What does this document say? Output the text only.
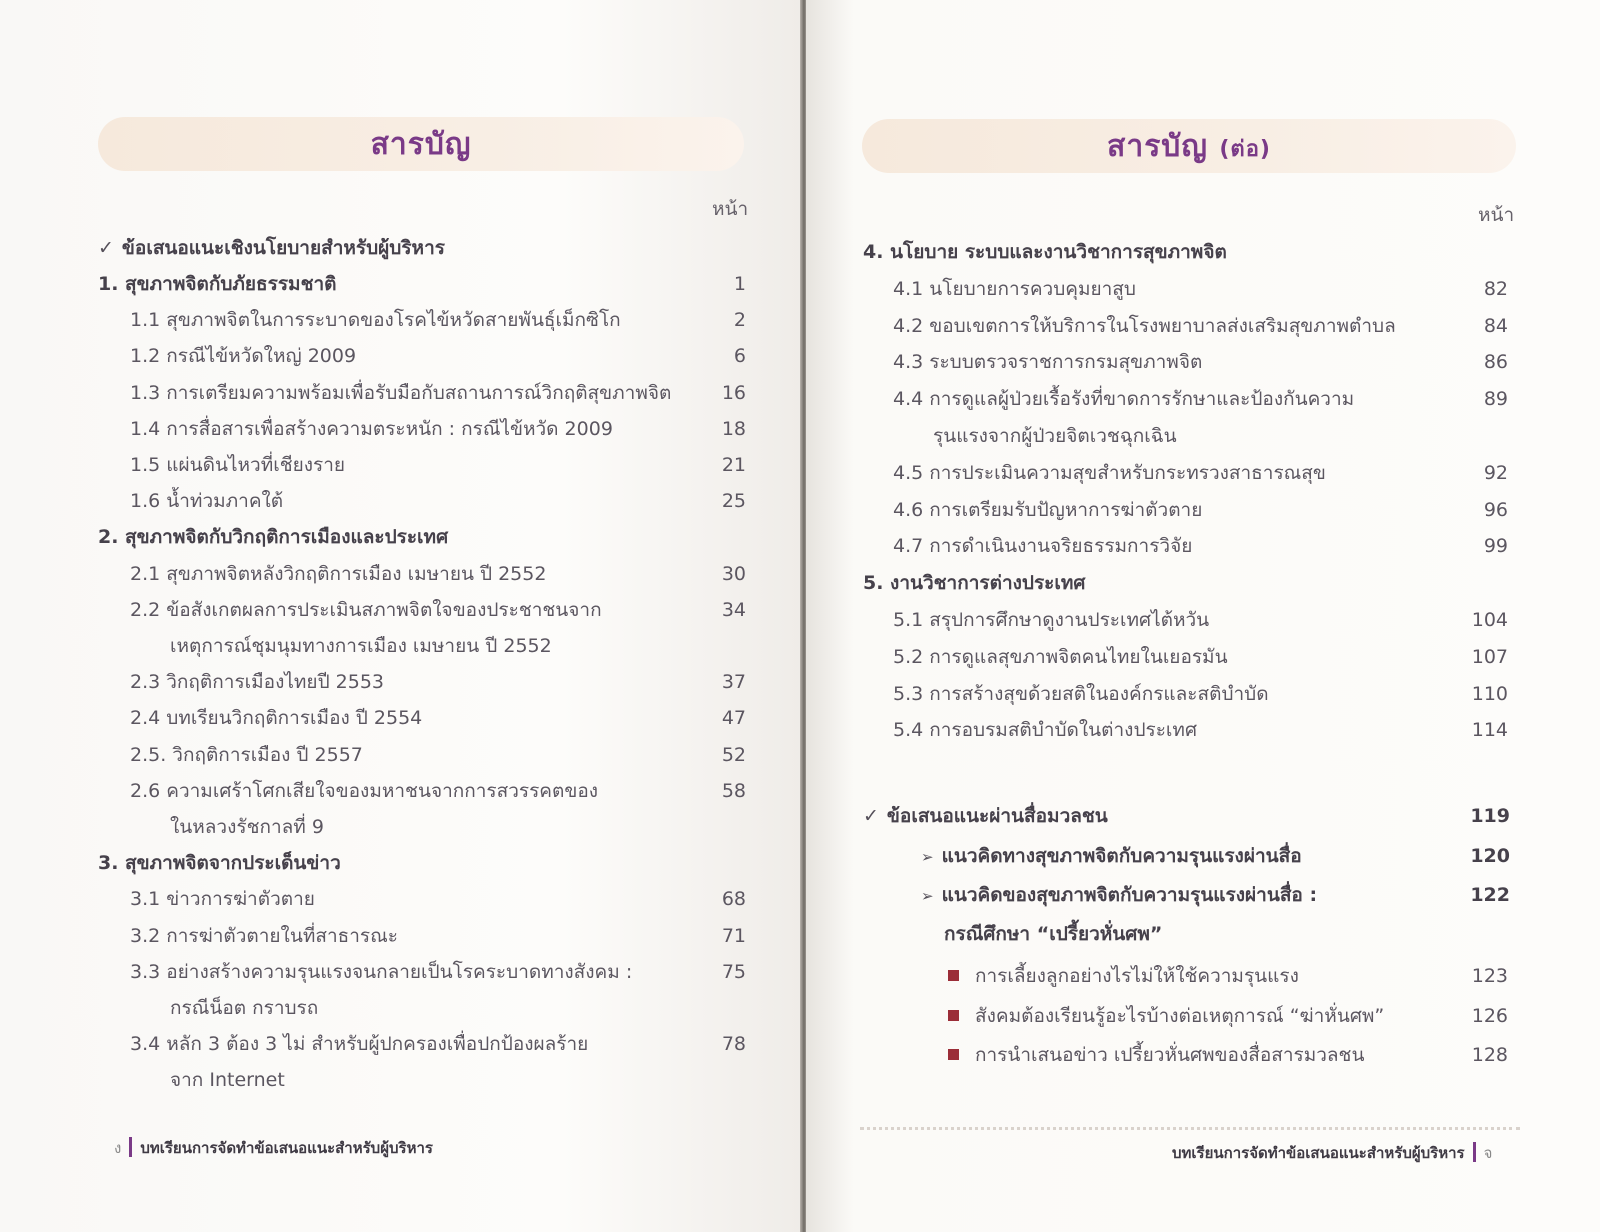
สารบัญ
หน้า
✓ ข้อเสนอแนะเชิงนโยบายสำหรับผู้บริหาร
1. สุขภาพจิตกับภัยธรรมชาติ	1
1.1 สุขภาพจิตในการระบาดของโรคไข้หวัดสายพันธุ์เม็กซิโก	2
1.2 กรณีไข้หวัดใหญ่ 2009	6
1.3 การเตรียมความพร้อมเพื่อรับมือกับสถานการณ์วิกฤติสุขภาพจิต	16
1.4 การสื่อสารเพื่อสร้างความตระหนัก : กรณีไข้หวัด 2009	18
1.5 แผ่นดินไหวที่เชียงราย	21
1.6 น้ำท่วมภาคใต้	25
2. สุขภาพจิตกับวิกฤติการเมืองและประเทศ
2.1 สุขภาพจิตหลังวิกฤติการเมือง เมษายน ปี 2552	30
2.2 ข้อสังเกตผลการประเมินสภาพจิตใจของประชาชนจาก	34
เหตุการณ์ชุมนุมทางการเมือง เมษายน ปี 2552
2.3 วิกฤติการเมืองไทยปี 2553	37
2.4 บทเรียนวิกฤติการเมือง ปี 2554	47
2.5. วิกฤติการเมือง ปี 2557	52
2.6 ความเศร้าโศกเสียใจของมหาชนจากการสวรรคตของ	58
ในหลวงรัชกาลที่ 9
3. สุขภาพจิตจากประเด็นข่าว
3.1 ข่าวการฆ่าตัวตาย	68
3.2 การฆ่าตัวตายในที่สาธารณะ	71
3.3 อย่างสร้างความรุนแรงจนกลายเป็นโรคระบาดทางสังคม :	75
กรณีน็อต กราบรถ
3.4 หลัก 3 ต้อง 3 ไม่ สำหรับผู้ปกครองเพื่อปกป้องผลร้าย	78
จาก Internet
ง บทเรียนการจัดทำข้อเสนอแนะสำหรับผู้บริหาร
สารบัญ (ต่อ)
หน้า
4. นโยบาย ระบบและงานวิชาการสุขภาพจิต
4.1 นโยบายการควบคุมยาสูบ	82
4.2 ขอบเขตการให้บริการในโรงพยาบาลส่งเสริมสุขภาพตำบล	84
4.3 ระบบตรวจราชการกรมสุขภาพจิต	86
4.4 การดูแลผู้ป่วยเรื้อรังที่ขาดการรักษาและป้องกันความ	89
รุนแรงจากผู้ป่วยจิตเวชฉุกเฉิน
4.5 การประเมินความสุขสำหรับกระทรวงสาธารณสุข	92
4.6 การเตรียมรับปัญหาการฆ่าตัวตาย	96
4.7 การดำเนินงานจริยธรรมการวิจัย	99
5. งานวิชาการต่างประเทศ
5.1 สรุปการศึกษาดูงานประเทศไต้หวัน	104
5.2 การดูแลสุขภาพจิตคนไทยในเยอรมัน	107
5.3 การสร้างสุขด้วยสติในองค์กรและสติบำบัด	110
5.4 การอบรมสติบำบัดในต่างประเทศ	114
✓ ข้อเสนอแนะผ่านสื่อมวลชน	119
➢ แนวคิดทางสุขภาพจิตกับความรุนแรงผ่านสื่อ	120
➢ แนวคิดของสุขภาพจิตกับความรุนแรงผ่านสื่อ :	122
กรณีศึกษา “เปรี้ยวหั่นศพ”
การเลี้ยงลูกอย่างไรไม่ให้ใช้ความรุนแรง	123
สังคมต้องเรียนรู้อะไรบ้างต่อเหตุการณ์ “ฆ่าหั่นศพ”	126
การนำเสนอข่าว เปรี้ยวหั่นศพของสื่อสารมวลชน	128
บทเรียนการจัดทำข้อเสนอแนะสำหรับผู้บริหาร จ
